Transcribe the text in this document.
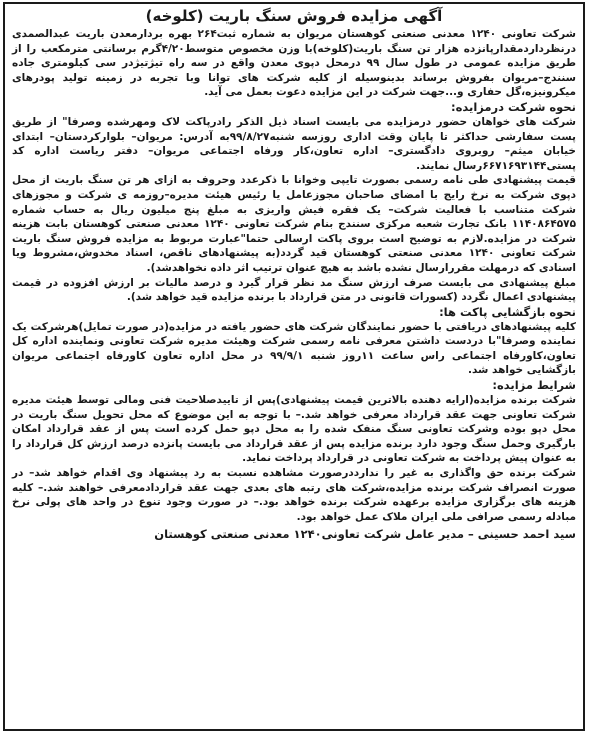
آگهی مزایده فروش سنگ باریت (کلوخه)

شرکت تعاونی ۱۲۴۰ معدنی صنعتی کوهستان مریوان به شماره ثبت۲۶۴ بهره بردارمعدن باریت عبدالصمدی درنظرداردمقدارپانزده هزار تن سنگ باریت(کلوخه)با وزن مخصوص متوسط۴/۲۰گرم برسانتی مترمکعب را از طریق مزایده عمومی در طول سال ۹۹ درمحل دپوی معدن واقع در سه راه تیژتیژدر سی کیلومتری جاده سنندج–مریوان بفروش برساند بدینوسیله از کلیه شرکت های توانا وبا تجربه در زمینه تولید پودرهای میکرونیزه،گل حفاری و...جهت شرکت در این مزایده دعوت بعمل می آید.

نحوه شرکت درمزایده:

شرکت های خواهان حضور درمزایده می بایست اسناد ذیل الذکر رادرپاکت لاک ومهرشده وصرفا" از طریق پست سفارشی حداکثر تا پایان وقت اداری روزسه شنبه۹۹/۸/۲۷به آدرس: مریوان– بلوارکردستان– ابتدای خیابان میثم– روبروی دادگستری– اداره تعاون،کار ورفاه اجتماعی مریوان– دفتر ریاست اداره کد پستی۶۶۷۱۶۹۳۱۴۴رسال نمایند.

قیمت پیشنهادی طی نامه رسمی بصورت تایپی وخوانا با ذکرعدد وحروف به ازای هر تن سنگ باریت از محل دپوی شرکت به نرخ رایج با امضای صاحبان مجوزعامل یا رئیس هیئت مدیره–روزمه ی شرکت و مجوزهای شرکت متناسب با فعالیت شرکت– یک فقره فیش واریزی به مبلغ پنج میلیون ریال به حساب شماره ۱۱۴۰۸۶۴۵۷۵ بانک تجارت شعبه مرکزی سنندج بنام شرکت تعاونی ۱۲۴۰ معدنی صنعتی کوهستان بابت هزینه شرکت در مزایده.لازم به توضیح است بروی پاکت ارسالی حتما"عبارت مربوط به مزایده فروش سنگ باریت شرکت تعاونی ۱۲۴۰ معدنی صنعتی کوهستان قید گردد(به پیشنهادهای ناقص، اسناد مخدوش،مشروط ویا اسنادی که درمهلت مقررارسال نشده باشد به هیچ عنوان ترتیب اثر داده نخواهدشد).

مبلغ پیشنهادی می بایست صرف ارزش سنگ مد نظر قرار گیرد و درصد مالیات بر ارزش افزوده در قیمت پیشنهادی اعمال نگردد (کسورات قانونی در متن قرارداد با برنده مزایده قید خواهد شد).

نحوه بازگشایی پاکت ها:

کلیه پیشنهادهای دریافتی با حضور نمایندگان شرکت های حضور یافته در مزایده(در صورت تمایل)هرشرکت یک نماینده وصرفا"با دردست داشتن معرفی نامه رسمی شرکت وهیئت مدیره شرکت تعاونی ونماینده اداره کل تعاون،کاورفاه اجتماعی راس ساعت ۱۱روز شنبه ۹۹/۹/۱ در محل اداره تعاون کاورفاه اجتماعی مریوان بازگشایی خواهد شد.

شرایط مزایده:

شرکت برنده مزایده(ارایه دهنده بالاترین قیمت پیشنهادی)پس از تاییدصلاحیت فنی ومالی توسط هیئت مدیره شرکت تعاونی جهت عقد قرارداد معرفی خواهد شد.– با توجه به این موضوع که محل تحویل سنگ باریت در محل دپو بوده وشرکت تعاونی سنگ منفک شده را به محل دپو حمل کرده است پس از عقد قرارداد امکان بارگیری وحمل سنگ وجود دارد برنده مزایده پس از عقد قرارداد می بایست پانزده درصد ارزش کل قرارداد را به عنوان پیش پرداخت به شرکت تعاونی در قرارداد پرداخت نماید.

شرکت برنده حق واگذاری به غیر را ندارددرصورت مشاهده نسبت به رد پیشنهاد وی اقدام خواهد شد– در صورت انصراف شرکت برنده مزایده،شرکت های رتبه های بعدی جهت عقد قراردادمعرفی خواهند شد.– کلیه هزینه های برگزاری مزایده برعهده شرکت برنده خواهد بود.– در صورت وجود تنوع در واحد های پولی نرخ مبادله رسمی صرافی ملی ایران ملاک عمل خواهد بود.

سید احمد حسینی – مدیر عامل شرکت تعاونی۱۲۴۰ معدنی صنعتی کوهستان
